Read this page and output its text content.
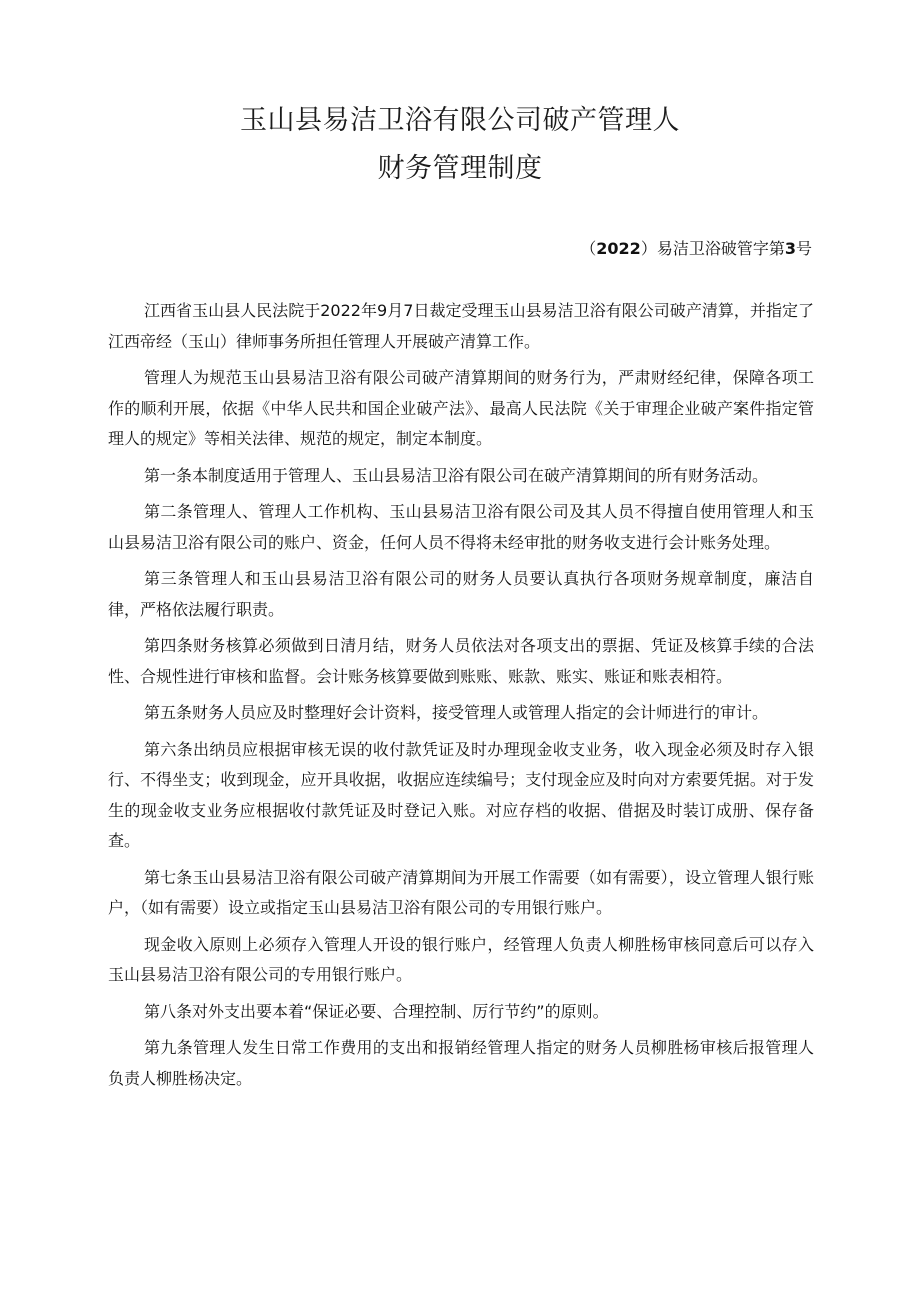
玉山县易洁卫浴有限公司破产管理人
财务管理制度
（2022）易洁卫浴破管字第3号

江西省玉山县人民法院于2022年9月7日裁定受理玉山县易洁卫浴有限公司破产清算，并指定了江西帝经（玉山）律师事务所担任管理人开展破产清算工作。

管理人为规范玉山县易洁卫浴有限公司破产清算期间的财务行为，严肃财经纪律，保障各项工作的顺利开展，依据《中华人民共和国企业破产法》、最高人民法院《关于审理企业破产案件指定管理人的规定》等相关法律、规范的规定，制定本制度。

第一条本制度适用于管理人、玉山县易洁卫浴有限公司在破产清算期间的所有财务活动。

第二条管理人、管理人工作机构、玉山县易洁卫浴有限公司及其人员不得擅自使用管理人和玉山县易洁卫浴有限公司的账户、资金，任何人员不得将未经审批的财务收支进行会计账务处理。

第三条管理人和玉山县易洁卫浴有限公司的财务人员要认真执行各项财务规章制度，廉洁自律，严格依法履行职责。

第四条财务核算必须做到日清月结，财务人员依法对各项支出的票据、凭证及核算手续的合法性、合规性进行审核和监督。会计账务核算要做到账账、账款、账实、账证和账表相符。

第五条财务人员应及时整理好会计资料，接受管理人或管理人指定的会计师进行的审计。

第六条出纳员应根据审核无误的收付款凭证及时办理现金收支业务，收入现金必须及时存入银行、不得坐支；收到现金，应开具收据，收据应连续编号；支付现金应及时向对方索要凭据。对于发生的现金收支业务应根据收付款凭证及时登记入账。对应存档的收据、借据及时装订成册、保存备查。

第七条玉山县易洁卫浴有限公司破产清算期间为开展工作需要（如有需要），设立管理人银行账户，（如有需要）设立或指定玉山县易洁卫浴有限公司的专用银行账户。

现金收入原则上必须存入管理人开设的银行账户，经管理人负责人柳胜杨审核同意后可以存入玉山县易洁卫浴有限公司的专用银行账户。

第八条对外支出要本着“保证必要、合理控制、厉行节约”的原则。

第九条管理人发生日常工作费用的支出和报销经管理人指定的财务人员柳胜杨审核后报管理人负责人柳胜杨决定。
